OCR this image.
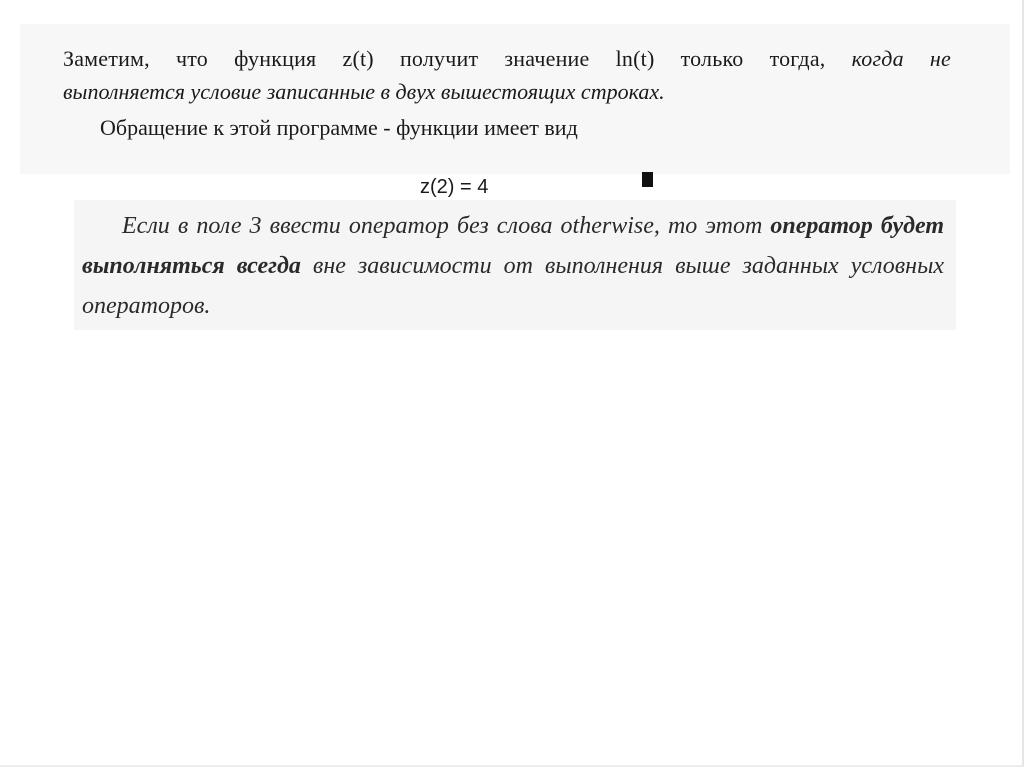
Заметим, что функция z(t) получит значение ln(t) только тогда, когда не
выполняется условие записанные в двух вышестоящих строках.
Обращение к этой программе - функции имеет вид
z(2) = 4
Если в поле 3 ввести оператор без слова otherwise, то этот оператор будет выполняться всегда вне зависимости от выполнения выше заданных условных операторов.
